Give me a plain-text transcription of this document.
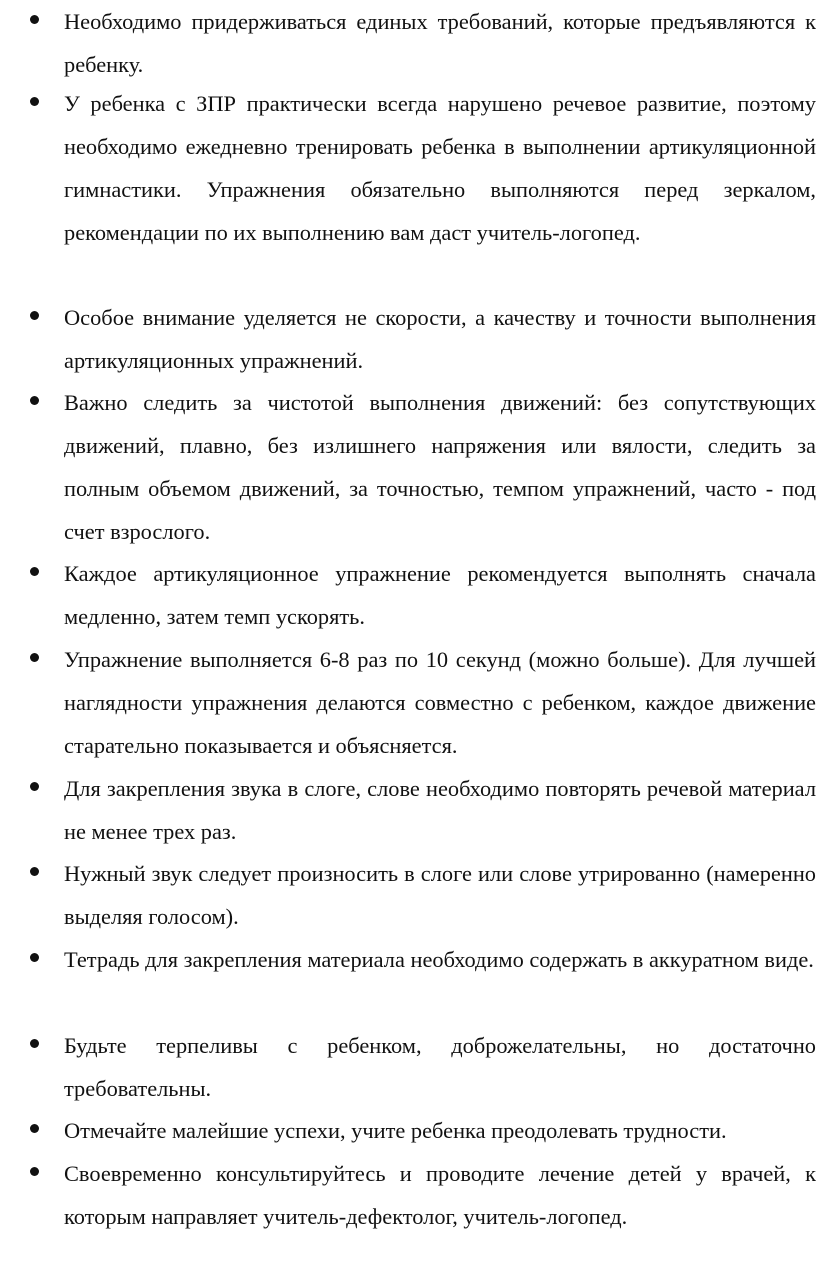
Необходимо придерживаться единых требований, которые предъявляются к ребенку.

У ребенка с ЗПР практически всегда нарушено речевое развитие, поэтому необходимо ежедневно тренировать ребенка в выполнении артикуляционной гимнастики. Упражнения обязательно выполняются перед зеркалом, рекомендации по их выполнению вам даст учитель-логопед.

Особое внимание уделяется не скорости, а качеству и точности выполнения артикуляционных упражнений.

Важно следить за чистотой выполнения движений: без сопутствующих движений, плавно, без излишнего напряжения или вялости, следить за полным объемом движений, за точностью, темпом упражнений, часто - под счет взрослого.

Каждое артикуляционное упражнение рекомендуется выполнять сначала медленно, затем темп ускорять.

Упражнение выполняется 6-8 раз по 10 секунд (можно больше). Для лучшей наглядности упражнения делаются совместно с ребенком, каждое движение старательно показывается и объясняется.

Для закрепления звука в слоге, слове необходимо повторять речевой материал не менее трех раз.

Нужный звук следует произносить в слоге или слове утрированно (намеренно выделяя голосом).

Тетрадь для закрепления материала необходимо содержать в аккуратном виде.

Будьте терпеливы с ребенком, доброжелательны, но достаточно требовательны.

Отмечайте малейшие успехи, учите ребенка преодолевать трудности.

Своевременно консультируйтесь и проводите лечение детей у врачей, к которым направляет учитель-дефектолог, учитель-логопед.
